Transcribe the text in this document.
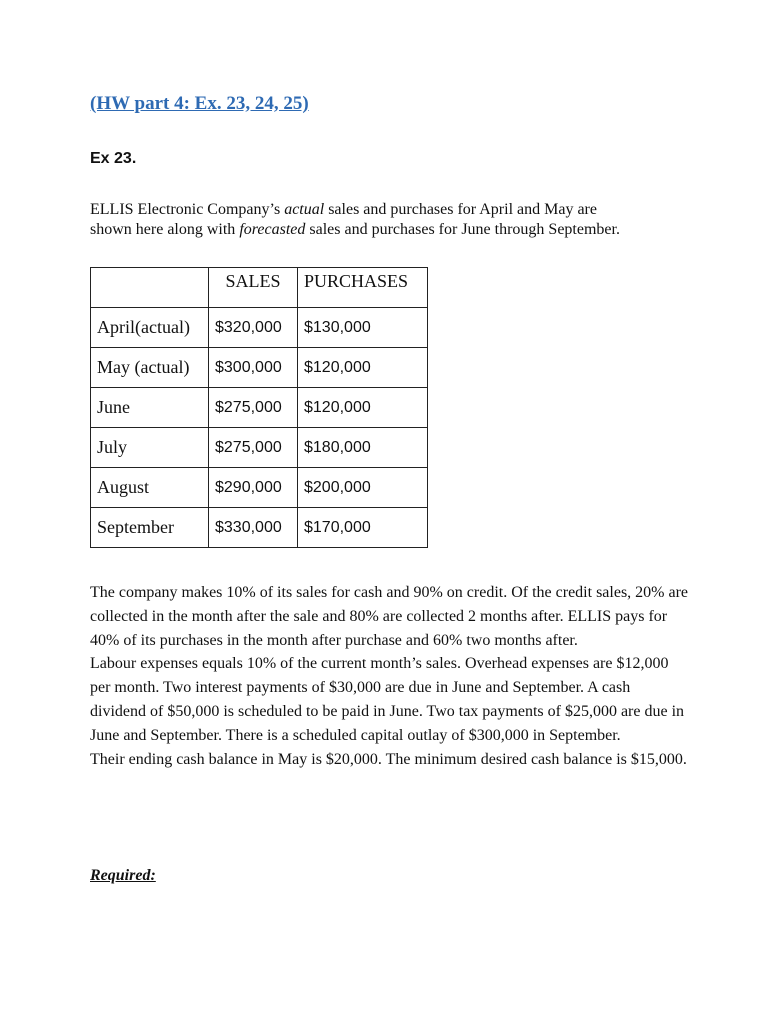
(HW part 4: Ex. 23, 24, 25)
Ex 23.

ELLIS Electronic Company’s actual sales and purchases for April and May are

shown here along with forecasted sales and purchases for June through September.

	SALES	PURCHASES
April(actual)	$320,000	$130,000
May (actual)	$300,000	$120,000
June	$275,000	$120,000
July	$275,000	$180,000
August	$290,000	$200,000
September	$330,000	$170,000

The company makes 10% of its sales for cash and 90% on credit. Of the credit sales, 20% are collected in the month after the sale and 80% are collected 2 months after. ELLIS pays for 40% of its purchases in the month after purchase and 60% two months after.

Labour expenses equals 10% of the current month’s sales. Overhead expenses are $12,000 per month. Two interest payments of $30,000 are due in June and September. A cash dividend of $50,000 is scheduled to be paid in June. Two tax payments of $25,000 are due in June and September. There is a scheduled capital outlay of $300,000 in September.

Their ending cash balance in May is $20,000. The minimum desired cash balance is $15,000.

Required:
